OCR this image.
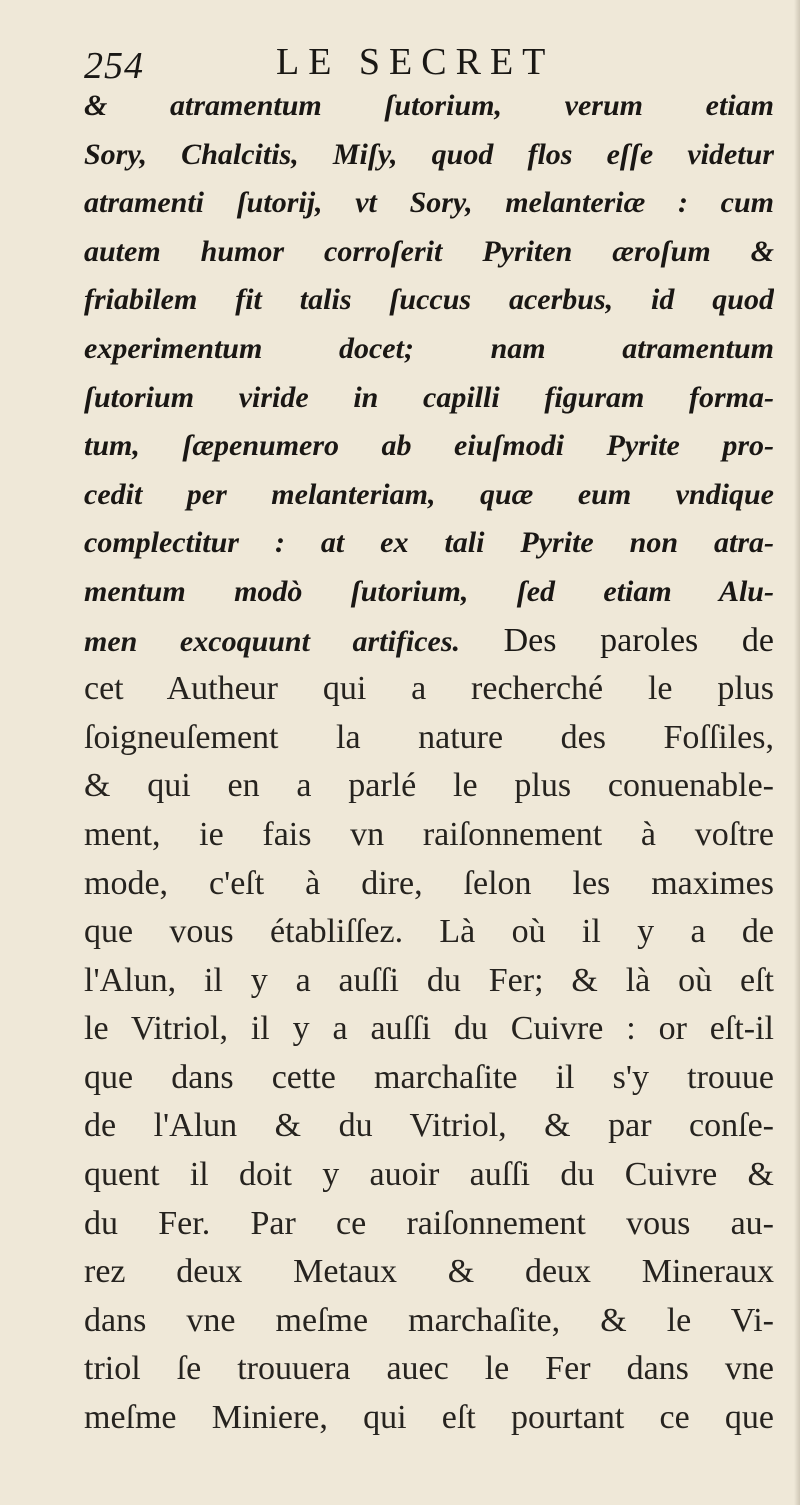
254	LE SECRET
& atramentum ſutorium, verum etiam
Sory, Chalcitis, Miſy, quod flos eſſe videtur
atramenti ſutorij, vt Sory, melanteriæ : cum
autem humor corroſerit Pyriten æroſum &
friabilem fit talis ſuccus acerbus, id quod
experimentum docet; nam atramentum
ſutorium viride in capilli figuram forma-
tum, ſæpenumero ab eiuſmodi Pyrite pro-
cedit per melanteriam, quæ eum vndique
complectitur : at ex tali Pyrite non atra-
mentum modò ſutorium, ſed etiam Alu-
men excoquunt artifices. Des paroles de
cet Autheur qui a recherché le plus
ſoigneuſement la nature des Foſſiles,
& qui en a parlé le plus conuenable-
ment, ie fais vn raiſonnement à voſtre
mode, c'eſt à dire, ſelon les maximes
que vous établiſſez. Là où il y a de
l'Alun, il y a auſſi du Fer; & là où eſt
le Vitriol, il y a auſſi du Cuivre : or eſt-il
que dans cette marchaſite il s'y trouue
de l'Alun & du Vitriol, & par conſe-
quent il doit y auoir auſſi du Cuivre &
du Fer. Par ce raiſonnement vous au-
rez deux Metaux & deux Mineraux
dans vne meſme marchaſite, & le Vi-
triol ſe trouuera auec le Fer dans vne
meſme Miniere, qui eſt pourtant ce que
